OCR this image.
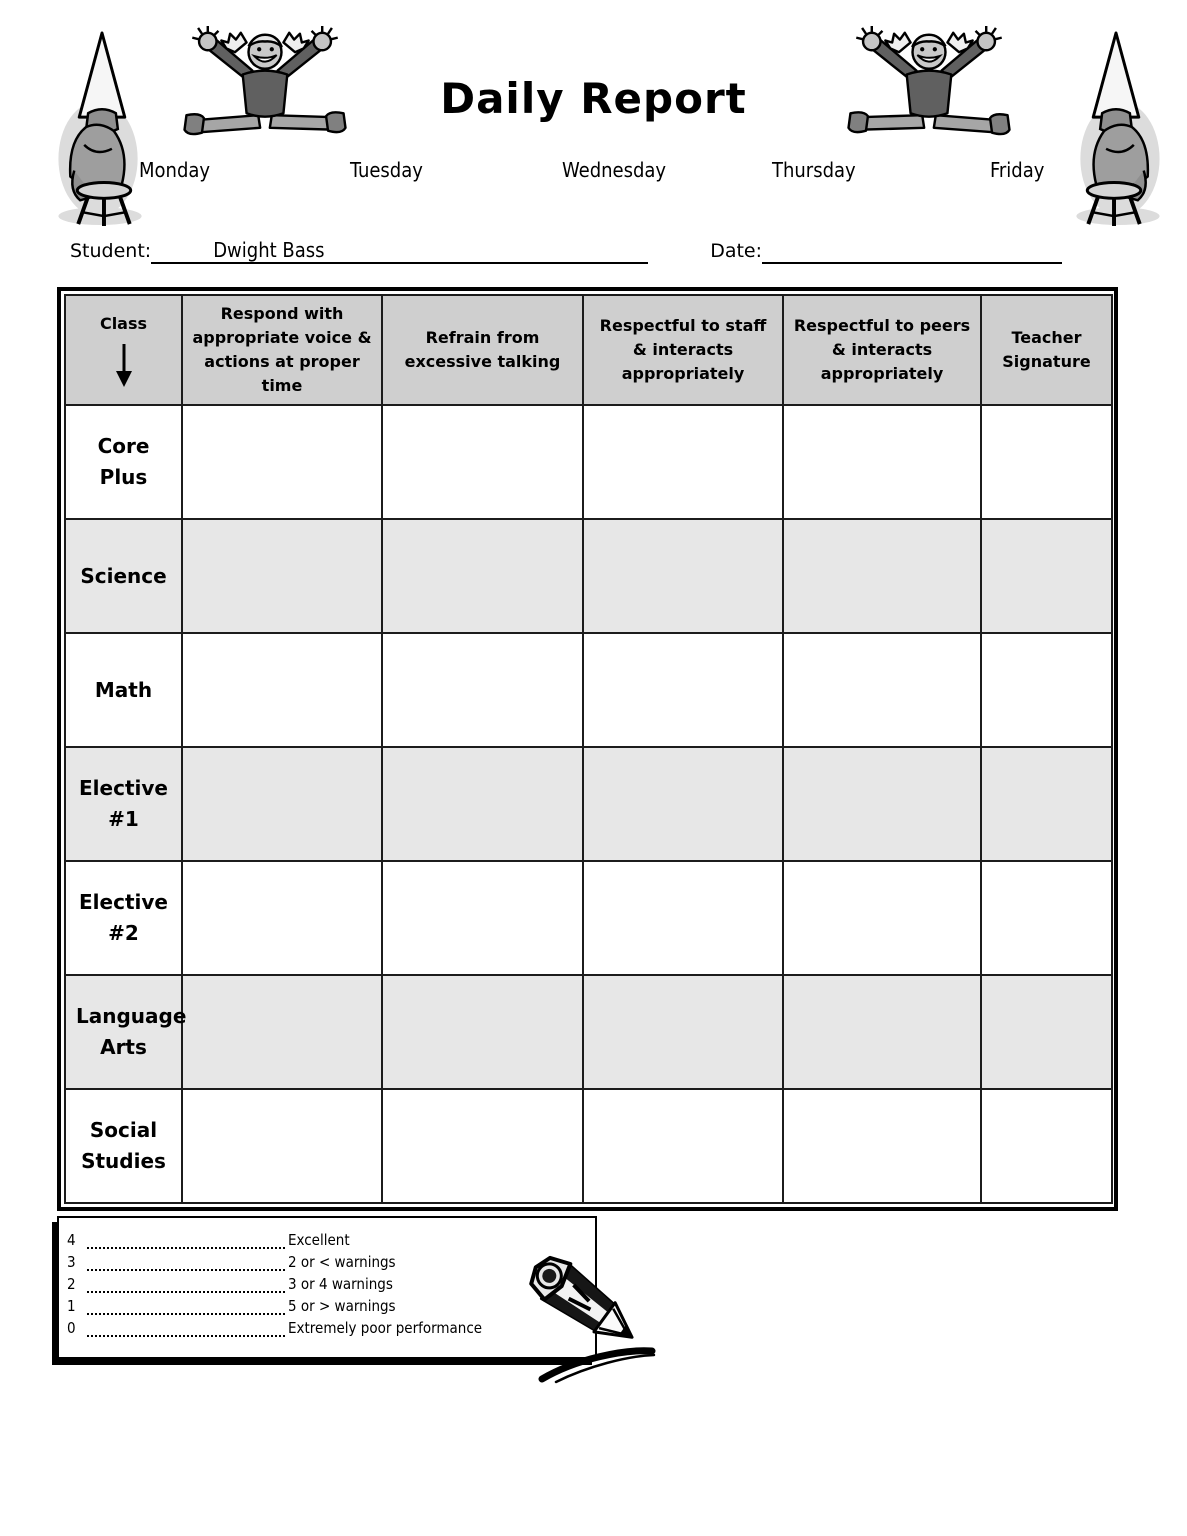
Daily Report
Monday	Tuesday	Wednesday	Thursday	Friday
Student:	Dwight Bass	Date:
Class	Respond with appropriate voice & actions at proper time	Refrain from excessive talking	Respectful to staff & interacts appropriately	Respectful to peers & interacts appropriately	Teacher Signature
Core Plus					
Science					
Math					
Elective #1					
Elective #2					
Language Arts					
Social Studies					
4	Excellent
3	2 or < warnings
2	3 or 4 warnings
1	5 or > warnings
0	Extremely poor performance
